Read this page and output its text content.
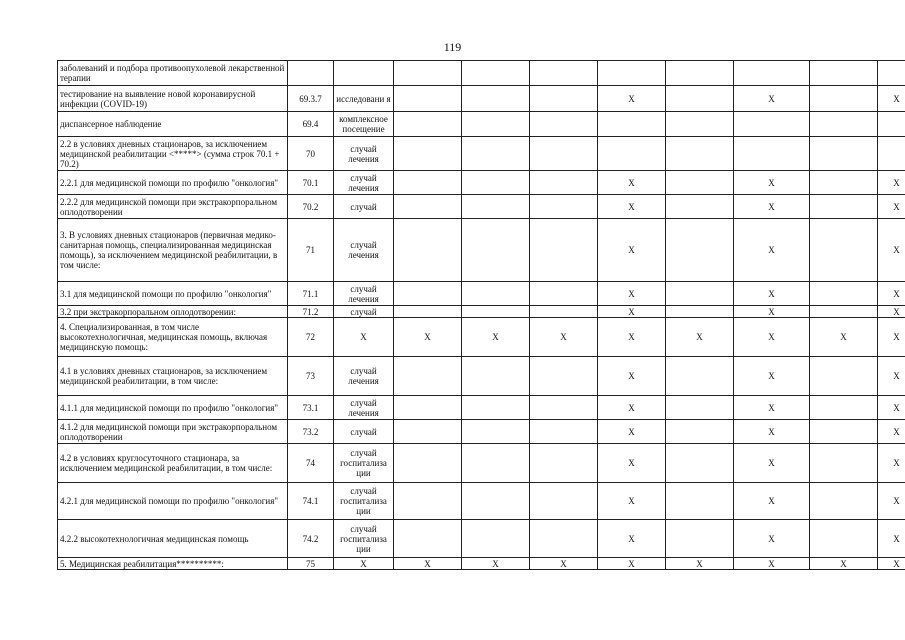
119
заболеваний и подбора противоопухолевой лекарственной терапии										
тестирование на выявление новой коронавирусной инфекции (COVID-19)	69.3.7	исследовани я				X		X		X
диспансерное наблюдение	69.4	комплексное посещение								
2.2 в условиях дневных стационаров, за исключением медицинской реабилитации <*****> (сумма строк 70.1 + 70.2)	70	случай лечения								
2.2.1 для медицинской помощи по профилю "онкология"	70.1	случай лечения				X		X		X
2.2.2 для медицинской помощи при экстракорпоральном оплодотворении	70.2	случай				X		X		X
3. В условиях дневных стационаров (первичная медико-санитарная помощь, специализированная медицинская помощь), за исключением медицинской реабилитации, в том числе:	71	случай лечения				X		X		X
3.1 для медицинской помощи по профилю "онкология"	71.1	случай лечения				X		X		X
3.2 при экстракорпоральном оплодотворении:	71.2	случай				X		X		X
4. Специализированная, в том числе высокотехнологичная, медицинская помощь, включая медицинскую помощь:	72	X	X	X	X	X	X	X	X	X
4.1 в условиях дневных стационаров, за исключением медицинской реабилитации, в том числе:	73	случай лечения				X		X		X
4.1.1 для медицинской помощи по профилю "онкология"	73.1	случай лечения				X		X		X
4.1.2 для медицинской помощи при экстракорпоральном оплодотворении	73.2	случай				X		X		X
4.2 в условиях круглосуточного стационара, за исключением медицинской реабилитации, в том числе:	74	случай госпитализа ции				X		X		X
4.2.1 для медицинской помощи по профилю "онкология"	74.1	случай госпитализа ции				X		X		X
4.2.2 высокотехнологичная медицинская помощь	74.2	случай госпитализа ции				X		X		X
5. Медицинская реабилитация**********:	75	X	X	X	X	X	X	X	X	X
